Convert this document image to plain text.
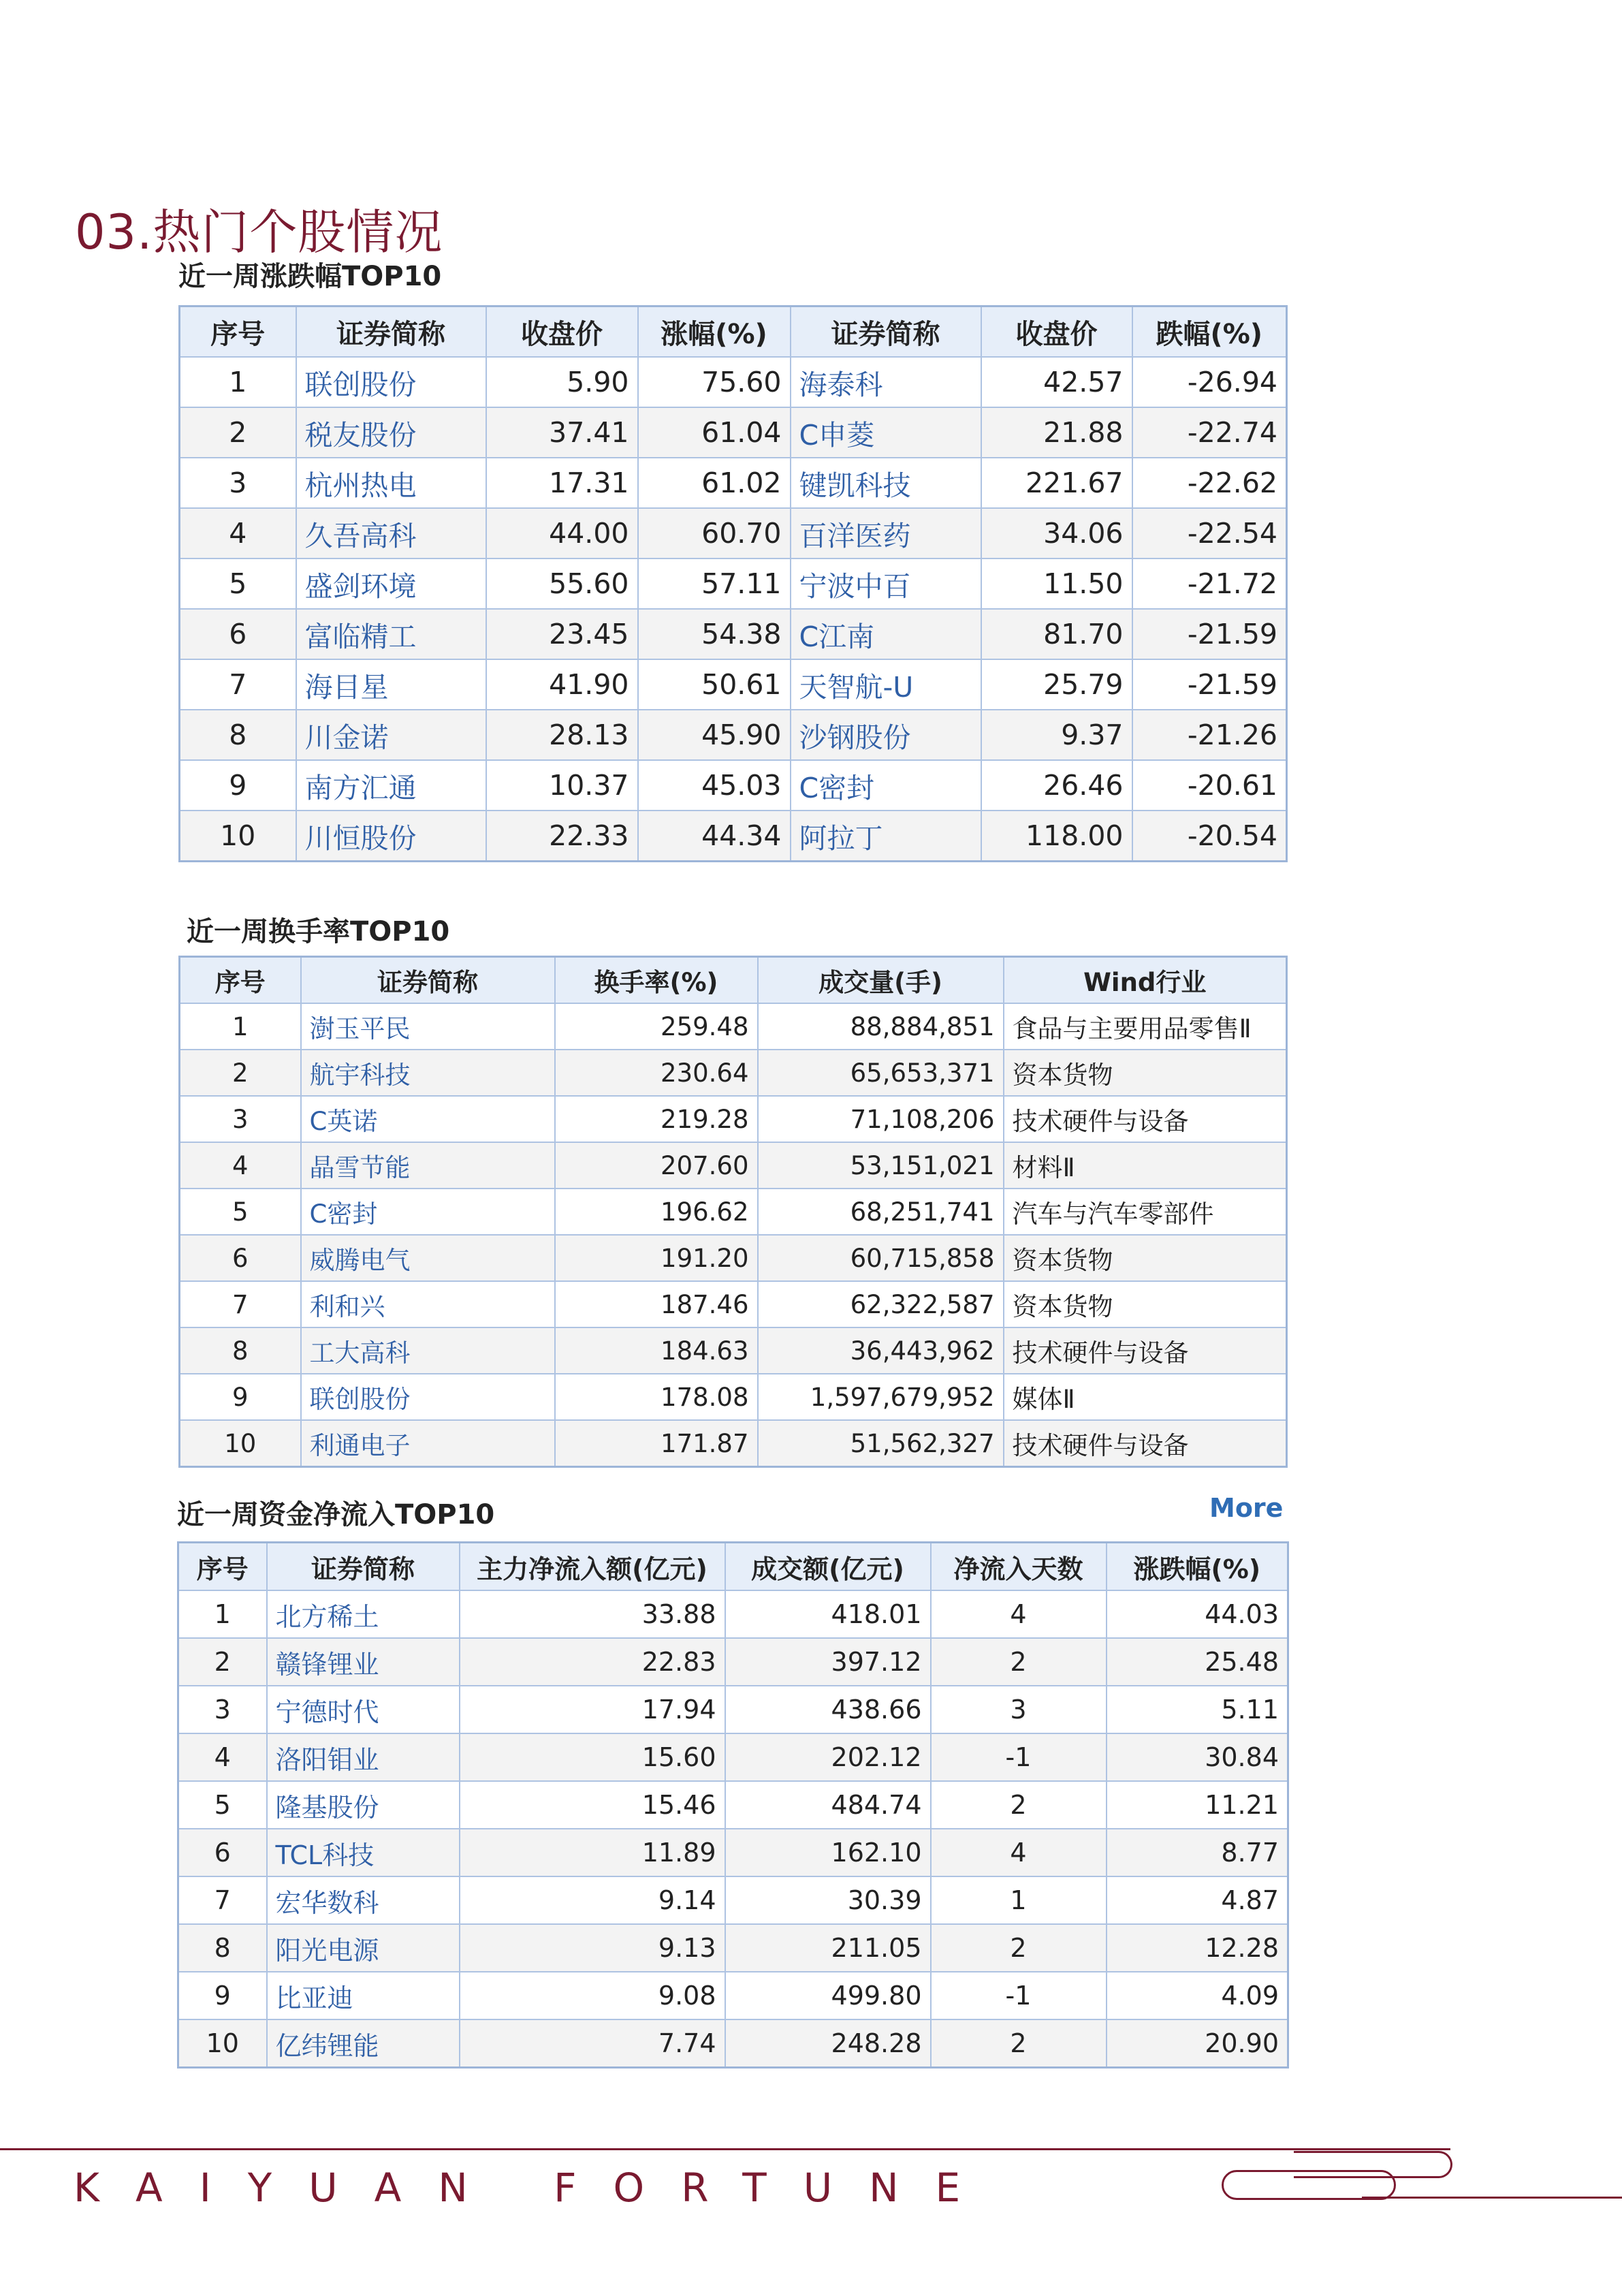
03.热门个股情况
近一周涨跌幅TOP10
序号	证券简称	收盘价	涨幅(%)	证券简称	收盘价	跌幅(%)
1	联创股份	5.90	75.60	海泰科	42.57	-26.94
2	税友股份	37.41	61.04	C申菱	21.88	-22.74
3	杭州热电	17.31	61.02	键凯科技	221.67	-22.62
4	久吾高科	44.00	60.70	百洋医药	34.06	-22.54
5	盛剑环境	55.60	57.11	宁波中百	11.50	-21.72
6	富临精工	23.45	54.38	C江南	81.70	-21.59
7	海目星	41.90	50.61	天智航-U	25.79	-21.59
8	川金诺	28.13	45.90	沙钢股份	9.37	-21.26
9	南方汇通	10.37	45.03	C密封	26.46	-20.61
10	川恒股份	22.33	44.34	阿拉丁	118.00	-20.54
近一周换手率TOP10
序号	证券简称	换手率(%)	成交量(手)	Wind行业
1	澍玉平民	259.48	88,884,851	食品与主要用品零售Ⅱ
2	航宇科技	230.64	65,653,371	资本货物
3	C英诺	219.28	71,108,206	技术硬件与设备
4	晶雪节能	207.60	53,151,021	材料Ⅱ
5	C密封	196.62	68,251,741	汽车与汽车零部件
6	威腾电气	191.20	60,715,858	资本货物
7	利和兴	187.46	62,322,587	资本货物
8	工大高科	184.63	36,443,962	技术硬件与设备
9	联创股份	178.08	1,597,679,952	媒体Ⅱ
10	利通电子	171.87	51,562,327	技术硬件与设备
近一周资金净流入TOP10	More
序号	证券简称	主力净流入额(亿元)	成交额(亿元)	净流入天数	涨跌幅(%)
1	北方稀土	33.88	418.01	4	44.03
2	赣锋锂业	22.83	397.12	2	25.48
3	宁德时代	17.94	438.66	3	5.11
4	洛阳钼业	15.60	202.12	-1	30.84
5	隆基股份	15.46	484.74	2	11.21
6	TCL科技	11.89	162.10	4	8.77
7	宏华数科	9.14	30.39	1	4.87
8	阳光电源	9.13	211.05	2	12.28
9	比亚迪	9.08	499.80	-1	4.09
10	亿纬锂能	7.74	248.28	2	20.90
KAIYUAN FORTUNE
